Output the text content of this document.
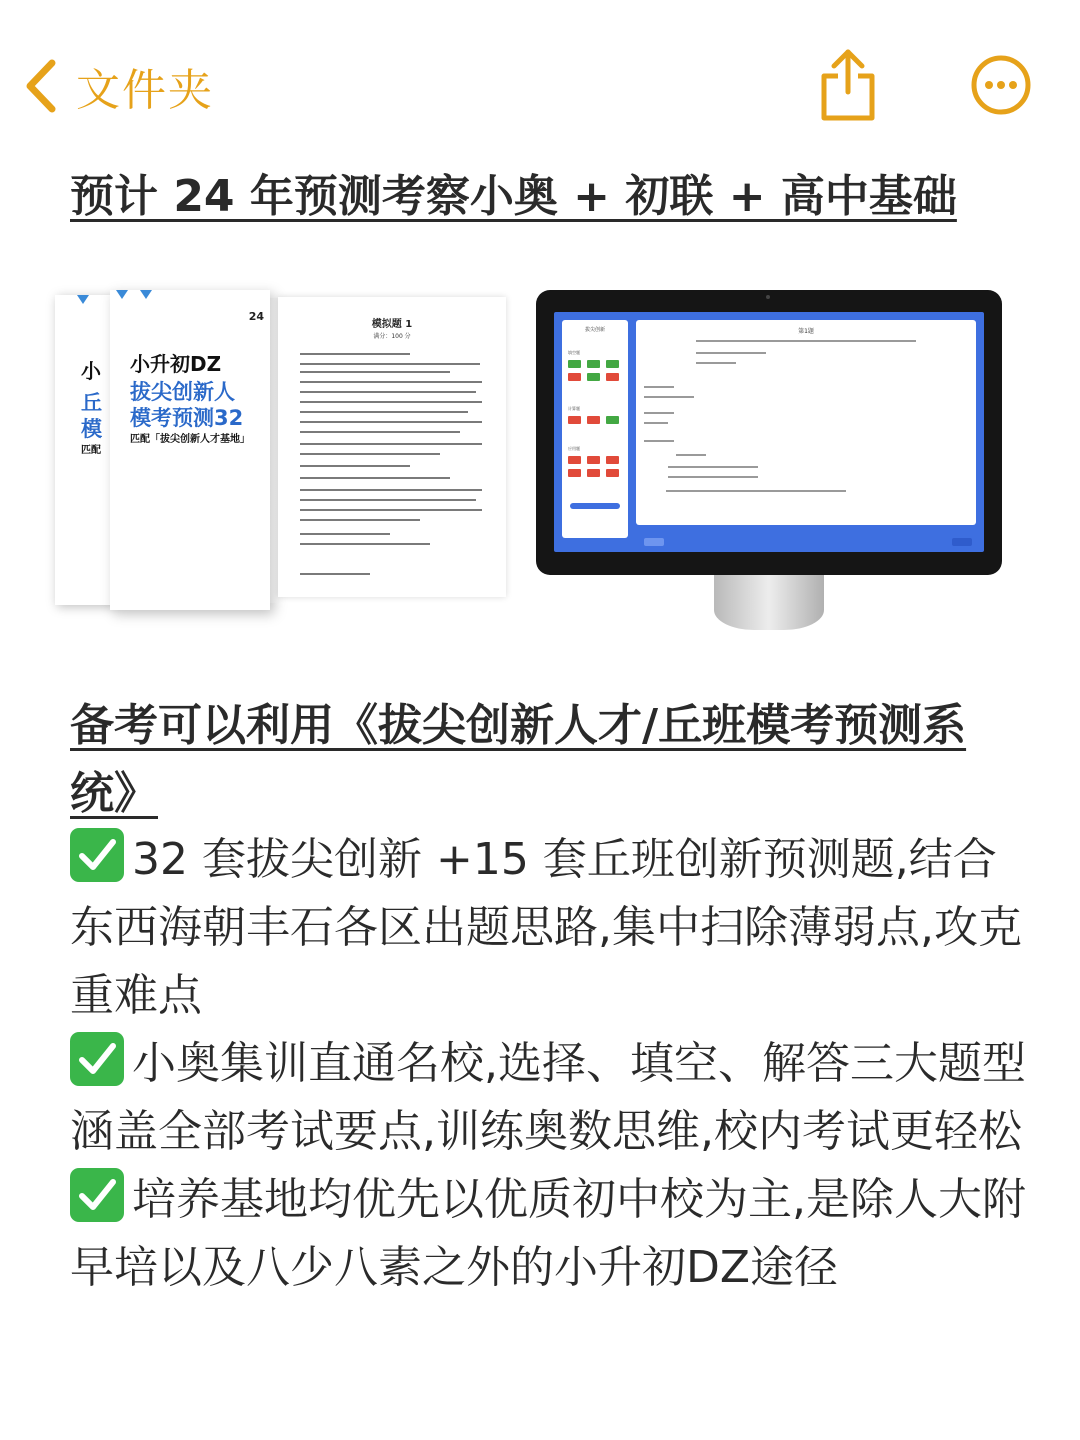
文件夹
预计 24 年预测考察小奥 + 初联 + 高中基础
小
丘
模
匹配
24
小升初DZ
拔尖创新人
模考预测32
匹配「拔尖创新人才基地」
模拟题 1
满分：100 分
拔尖创新
填空题
计算题
应用题
第1题
备考可以利用《拔尖创新人才/丘班模考预测系统》
32 套拔尖创新 +15 套丘班创新预测题,结合东西海朝丰石各区出题思路,集中扫除薄弱点,攻克重难点
小奥集训直通名校,选择、填空、解答三大题型涵盖全部考试要点,训练奥数思维,校内考试更轻松
培养基地均优先以优质初中校为主,是除人大附早培以及八少八素之外的小升初DZ途径
